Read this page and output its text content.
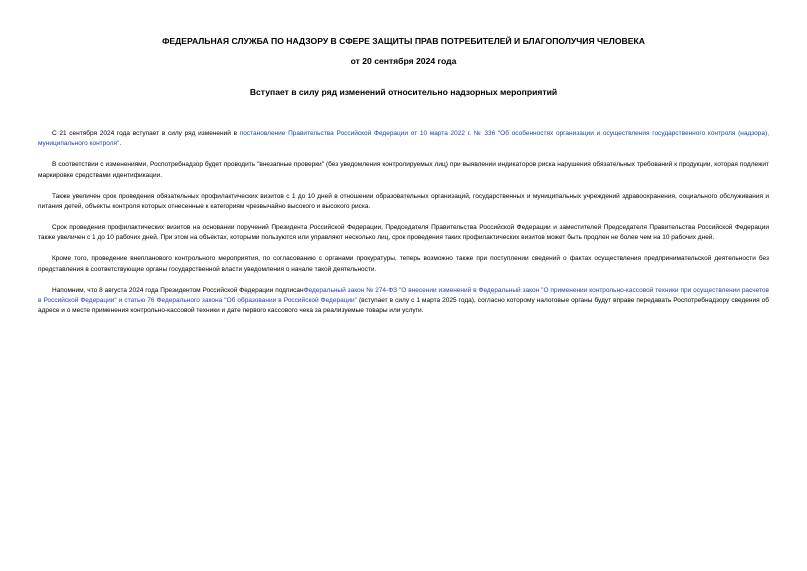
ФЕДЕРАЛЬНАЯ СЛУЖБА ПО НАДЗОРУ В СФЕРЕ ЗАЩИТЫ ПРАВ ПОТРЕБИТЕЛЕЙ И БЛАГОПОЛУЧИЯ ЧЕЛОВЕКА

от 20 сентября 2024 года

Вступает в силу ряд изменений относительно надзорных мероприятий

С 21 сентября 2024 года вступает в силу ряд изменений в постановление Правительства Российской Федерации от 10 марта 2022 г. № 336 "Об особенностях организации и осуществления государственного контроля (надзора), муниципального контроля".

В соответствии с изменениями, Роспотребнадзор будет проводить "внезапные проверки" (без уведомления контролируемых лиц) при выявлении индикаторов риска нарушения обязательных требований к продукции, которая подлежит маркировке средствами идентификации.

Также увеличен срок проведения обязательных профилактических визитов с 1 до 10 дней в отношении образовательных организаций, государственных и муниципальных учреждений здравоохранения, социального обслуживания и питания детей, объекты контроля которых отнесенные к категориям чрезвычайно высокого и высокого риска.

Срок проведения профилактических визитов на основании поручений Президента Российской Федерации, Председателя Правительства Российской Федерации и заместителей Председателя Правительства Российской Федерации также увеличен с 1 до 10 рабочих дней. При этом на объектах, которыми пользуются или управляют несколько лиц, срок проведения таких профилактических визитов может быть продлен не более чем на 10 рабочих дней.

Кроме того, проведение внепланового контрольного мероприятия, по согласованию с органами прокуратуры, теперь возможно также при поступлении сведений о фактах осуществления предпринимательской деятельности без представления в соответствующие органы государственной власти уведомления о начале такой деятельности.

Напомним, что 8 августа 2024 года Президентом Российской Федерации подписанФедеральный закон № 274-ФЗ "О внесении изменений в Федеральный закон "О применении контрольно-кассовой техники при осуществлении расчетов в Российской Федерации" и статью 76 Федерального закона "Об образовании в Российской Федерации" (вступает в силу с 1 марта 2025 года), согласно которому налоговые органы будут вправе передавать Роспотребнадзору сведения об адресе и о месте применения контрольно-кассовой техники и дате первого кассового чека за реализуемые товары или услуги.
